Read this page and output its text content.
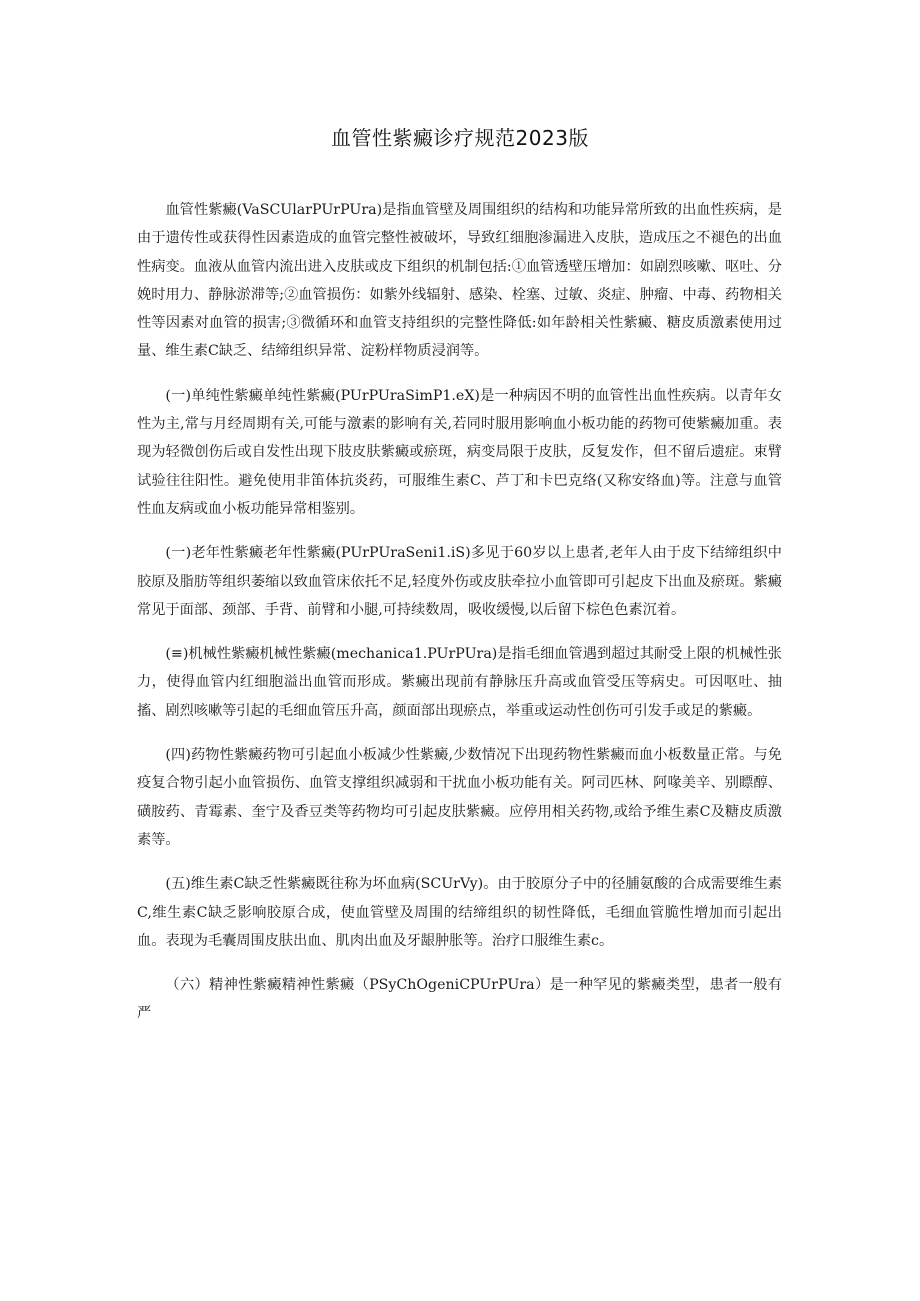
血管性紫癜诊疗规范2023版

血管性紫癜(VaSCUlarPUrPUra)是指血管壁及周围组织的结构和功能异常所致的出血性疾病，是由于遗传性或获得性因素造成的血管完整性被破坏，导致红细胞渗漏进入皮肤，造成压之不褪色的出血性病变。血液从血管内流出进入皮肤或皮下组织的机制包括:①血管透壁压增加：如剧烈咳嗽、呕吐、分娩时用力、静脉淤滞等;②血管损伤：如紫外线辐射、感染、栓塞、过敏、炎症、肿瘤、中毒、药物相关性等因素对血管的损害;③微循环和血管支持组织的完整性降低:如年龄相关性紫癜、糖皮质激素使用过量、维生素C缺乏、结缔组织异常、淀粉样物质浸润等。

(一)单纯性紫癜单纯性紫癜(PUrPUraSimP1.eX)是一种病因不明的血管性出血性疾病。以青年女性为主,常与月经周期有关,可能与激素的影响有关,若同时服用影响血小板功能的药物可使紫癜加重。表现为轻微创伤后或自发性出现下肢皮肤紫癜或瘀斑，病变局限于皮肤，反复发作，但不留后遗症。束臂试验往往阳性。避免使用非笛体抗炎药，可服维生素C、芦丁和卡巴克络(又称安络血)等。注意与血管性血友病或血小板功能异常相鉴别。

(一)老年性紫癜老年性紫癜(PUrPUraSeni1.iS)多见于60岁以上患者,老年人由于皮下结缔组织中胶原及脂肪等组织萎缩以致血管床依托不足,轻度外伤或皮肤牵拉小血管即可引起皮下出血及瘀斑。紫癜常见于面部、颈部、手背、前臂和小腿,可持续数周，吸收缓慢,以后留下棕色色素沉着。

(≡)机械性紫癜机械性紫癜(mechanica1.PUrPUra)是指毛细血管遇到超过其耐受上限的机械性张力，使得血管内红细胞溢出血管而形成。紫癜出现前有静脉压升高或血管受压等病史。可因呕吐、抽搐、剧烈咳嗽等引起的毛细血管压升高，颜面部出现瘀点，举重或运动性创伤可引发手或足的紫癜。

(四)药物性紫癜药物可引起血小板减少性紫癜,少数情况下出现药物性紫癜而血小板数量正常。与免疫复合物引起小血管损伤、血管支撑组织减弱和干扰血小板功能有关。阿司匹林、阿喙美辛、别瞟醇、磺胺药、青霉素、奎宁及香豆类等药物均可引起皮肤紫癜。应停用相关药物,或给予维生素C及糖皮质激素等。

(五)维生素C缺乏性紫癜既往称为坏血病(SCUrVy)。由于胶原分子中的径脯氨酸的合成需要维生素C,维生素C缺乏影响胶原合成，使血管壁及周围的结缔组织的韧性降低，毛细血管脆性增加而引起出血。表现为毛囊周围皮肤出血、肌肉出血及牙龈肿胀等。治疗口服维生素c。

（六）精神性紫癜精神性紫癜（PSyChOgeniCPUrPUra）是一种罕见的紫癜类型，患者一般有严
